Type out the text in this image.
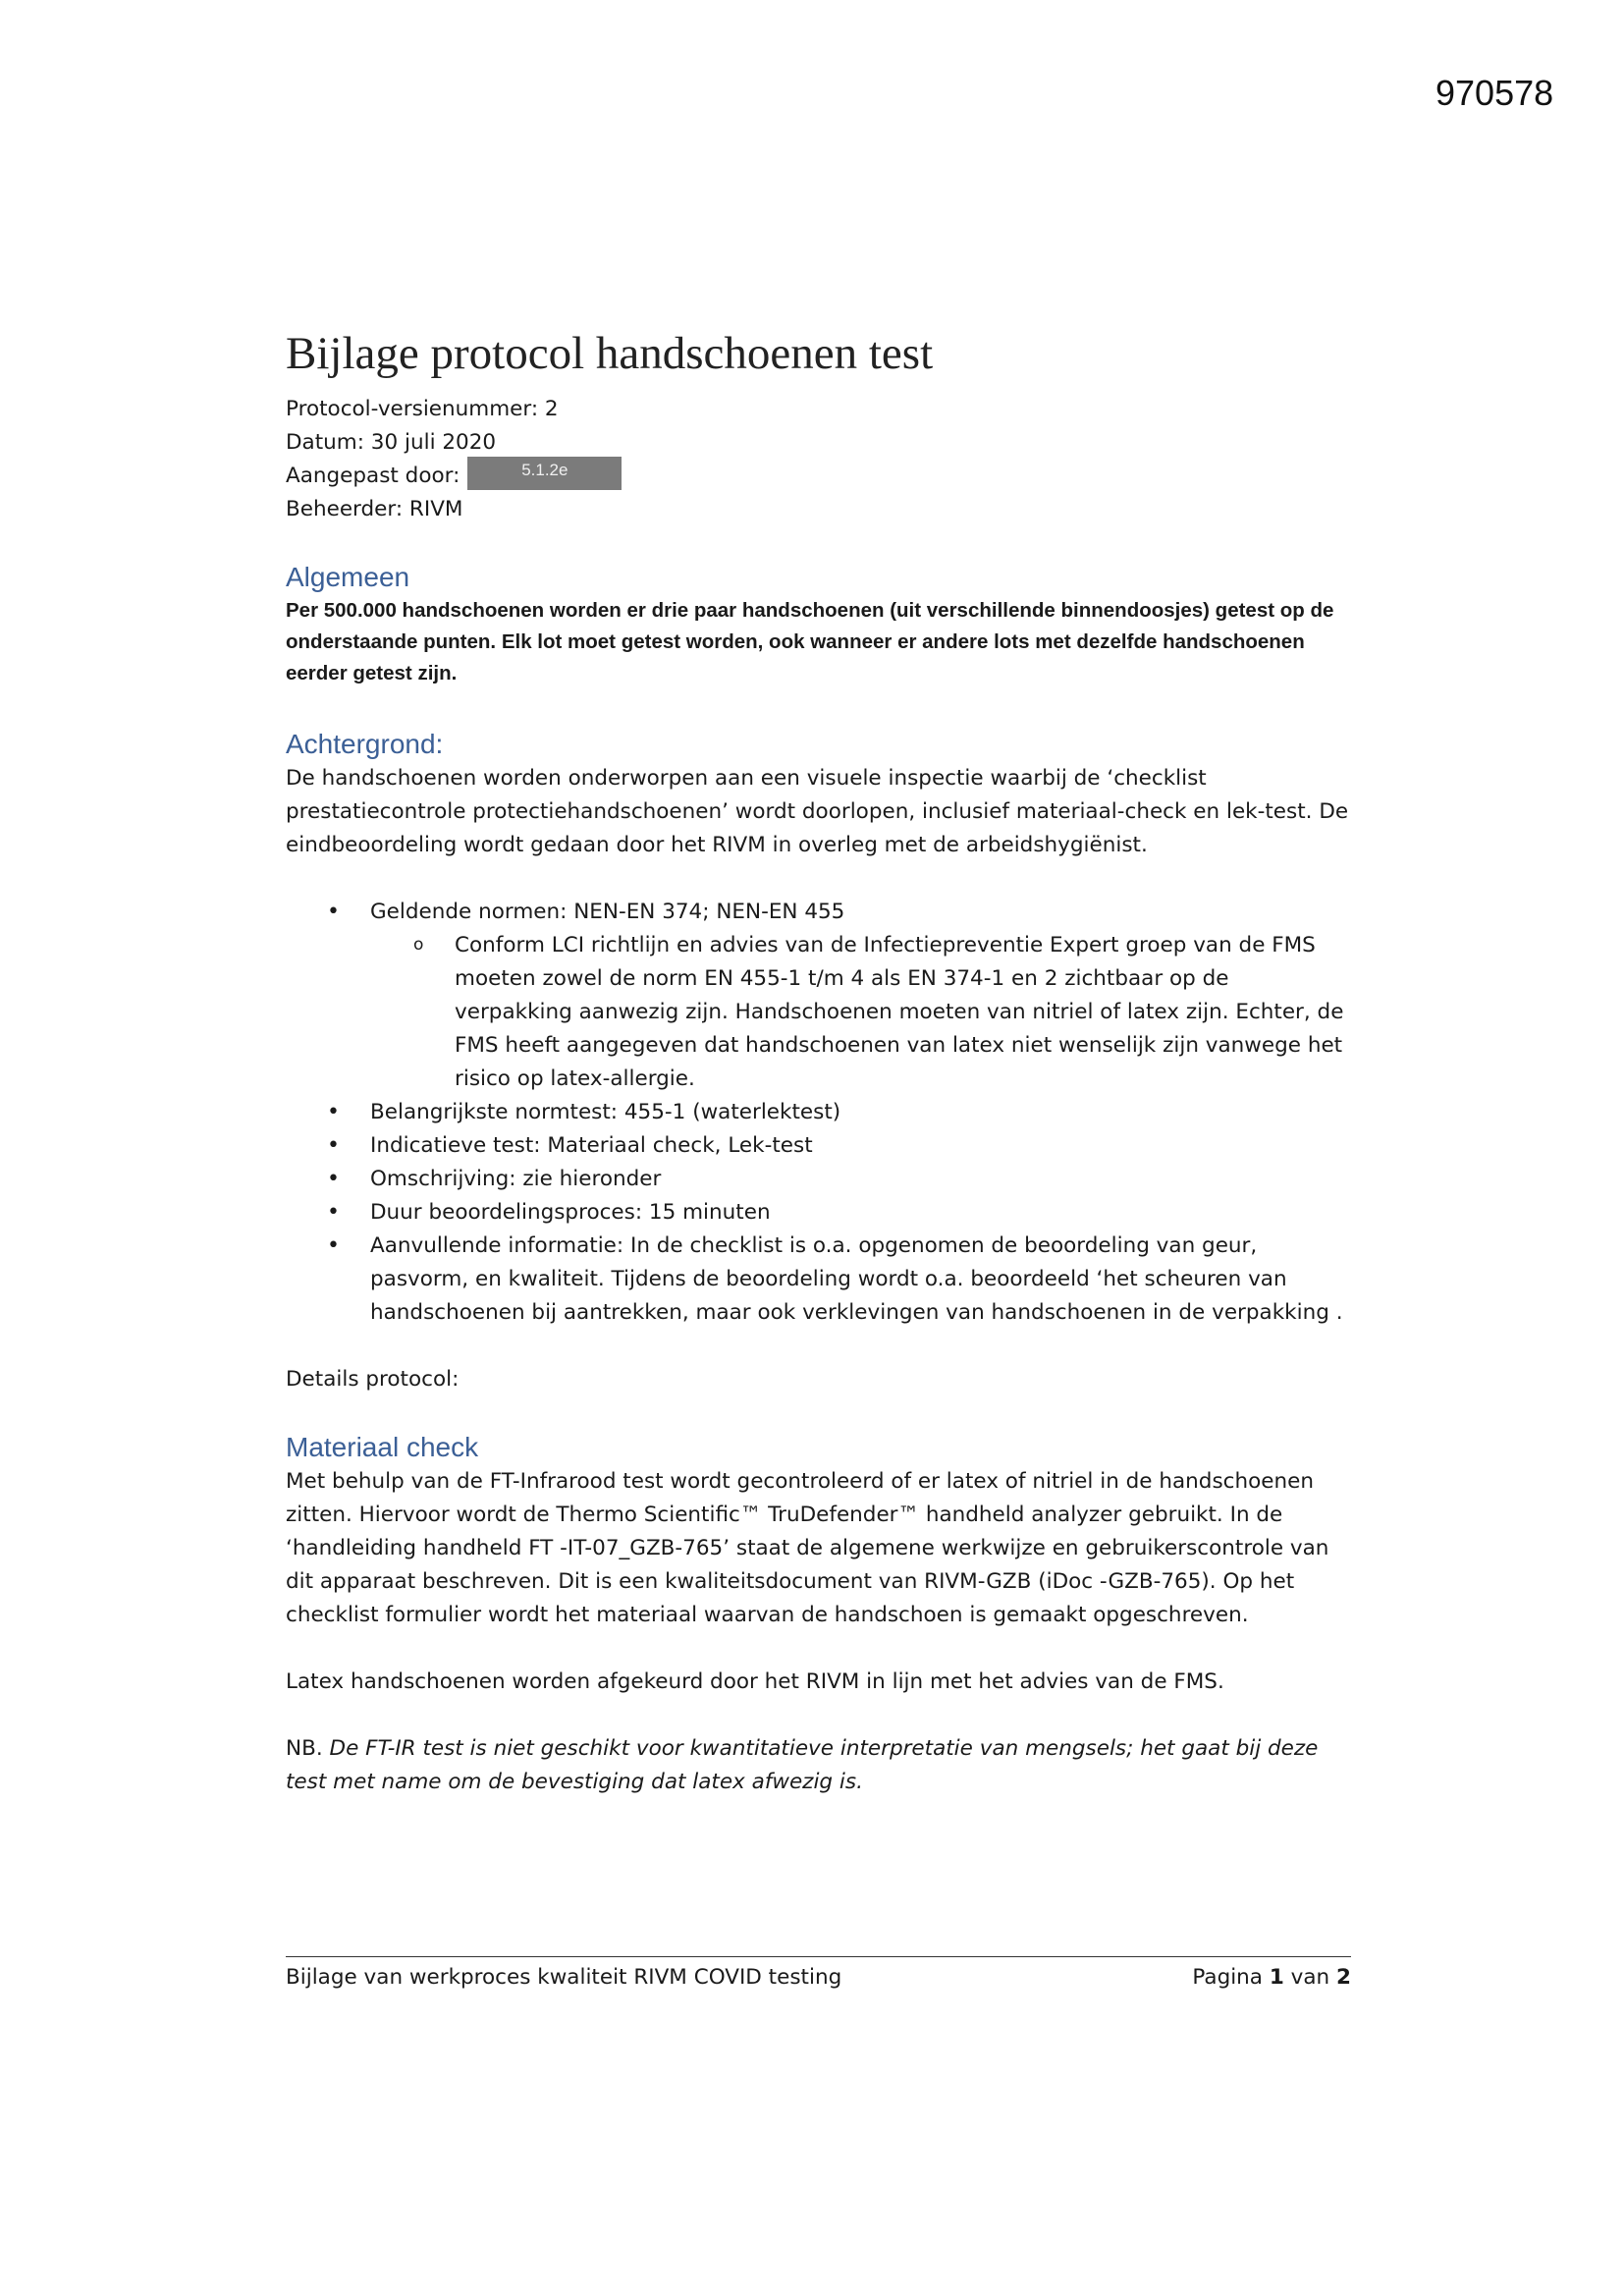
970578
Bijlage protocol handschoenen test
Protocol-versienummer: 2
Datum: 30 juli 2020
Aangepast door:	5.1.2e
Beheerder: RIVM
Algemeen
Per 500.000 handschoenen worden er drie paar handschoenen (uit verschillende binnendoosjes) getest op de onderstaande punten. Elk lot moet getest worden, ook wanneer er andere lots met dezelfde handschoenen eerder getest zijn.
Achtergrond:

De handschoenen worden onderworpen aan een visuele inspectie waarbij de ‘checklist prestatiecontrole protectiehandschoenen’ wordt doorlopen, inclusief materiaal-check en lek-test. De eindbeoordeling wordt gedaan door het RIVM in overleg met de arbeidshygiënist.

• Geldende normen: NEN-EN 374; NEN-EN 455
o Conform LCI richtlijn en advies van de Infectiepreventie Expert groep van de FMS moeten zowel de norm EN 455-1 t/m 4 als EN 374-1 en 2 zichtbaar op de verpakking aanwezig zijn. Handschoenen moeten van nitriel of latex zijn. Echter, de FMS heeft aangegeven dat handschoenen van latex niet wenselijk zijn vanwege het risico op latex-allergie.
• Belangrijkste normtest: 455-1 (waterlektest)
• Indicatieve test: Materiaal check, Lek-test
• Omschrijving: zie hieronder
• Duur beoordelingsproces: 15 minuten
• Aanvullende informatie: In de checklist is o.a. opgenomen de beoordeling van geur, pasvorm, en kwaliteit. Tijdens de beoordeling wordt o.a. beoordeeld ‘het scheuren van handschoenen bij aantrekken, maar ook verklevingen van handschoenen in de verpakking .

Details protocol:

Materiaal check

Met behulp van de FT-Infrarood test wordt gecontroleerd of er latex of nitriel in de handschoenen zitten. Hiervoor wordt de Thermo Scientific™ TruDefender™ handheld analyzer gebruikt. In de ‘handleiding handheld FT -IT-07_GZB-765’ staat de algemene werkwijze en gebruikerscontrole van dit apparaat beschreven. Dit is een kwaliteitsdocument van RIVM-GZB (iDoc -GZB-765). Op het checklist formulier wordt het materiaal waarvan de handschoen is gemaakt opgeschreven.

Latex handschoenen worden afgekeurd door het RIVM in lijn met het advies van de FMS.

NB. De FT-IR test is niet geschikt voor kwantitatieve interpretatie van mengsels; het gaat bij deze test met name om de bevestiging dat latex afwezig is.

Bijlage van werkproces kwaliteit RIVM COVID testing	Pagina 1 van 2
